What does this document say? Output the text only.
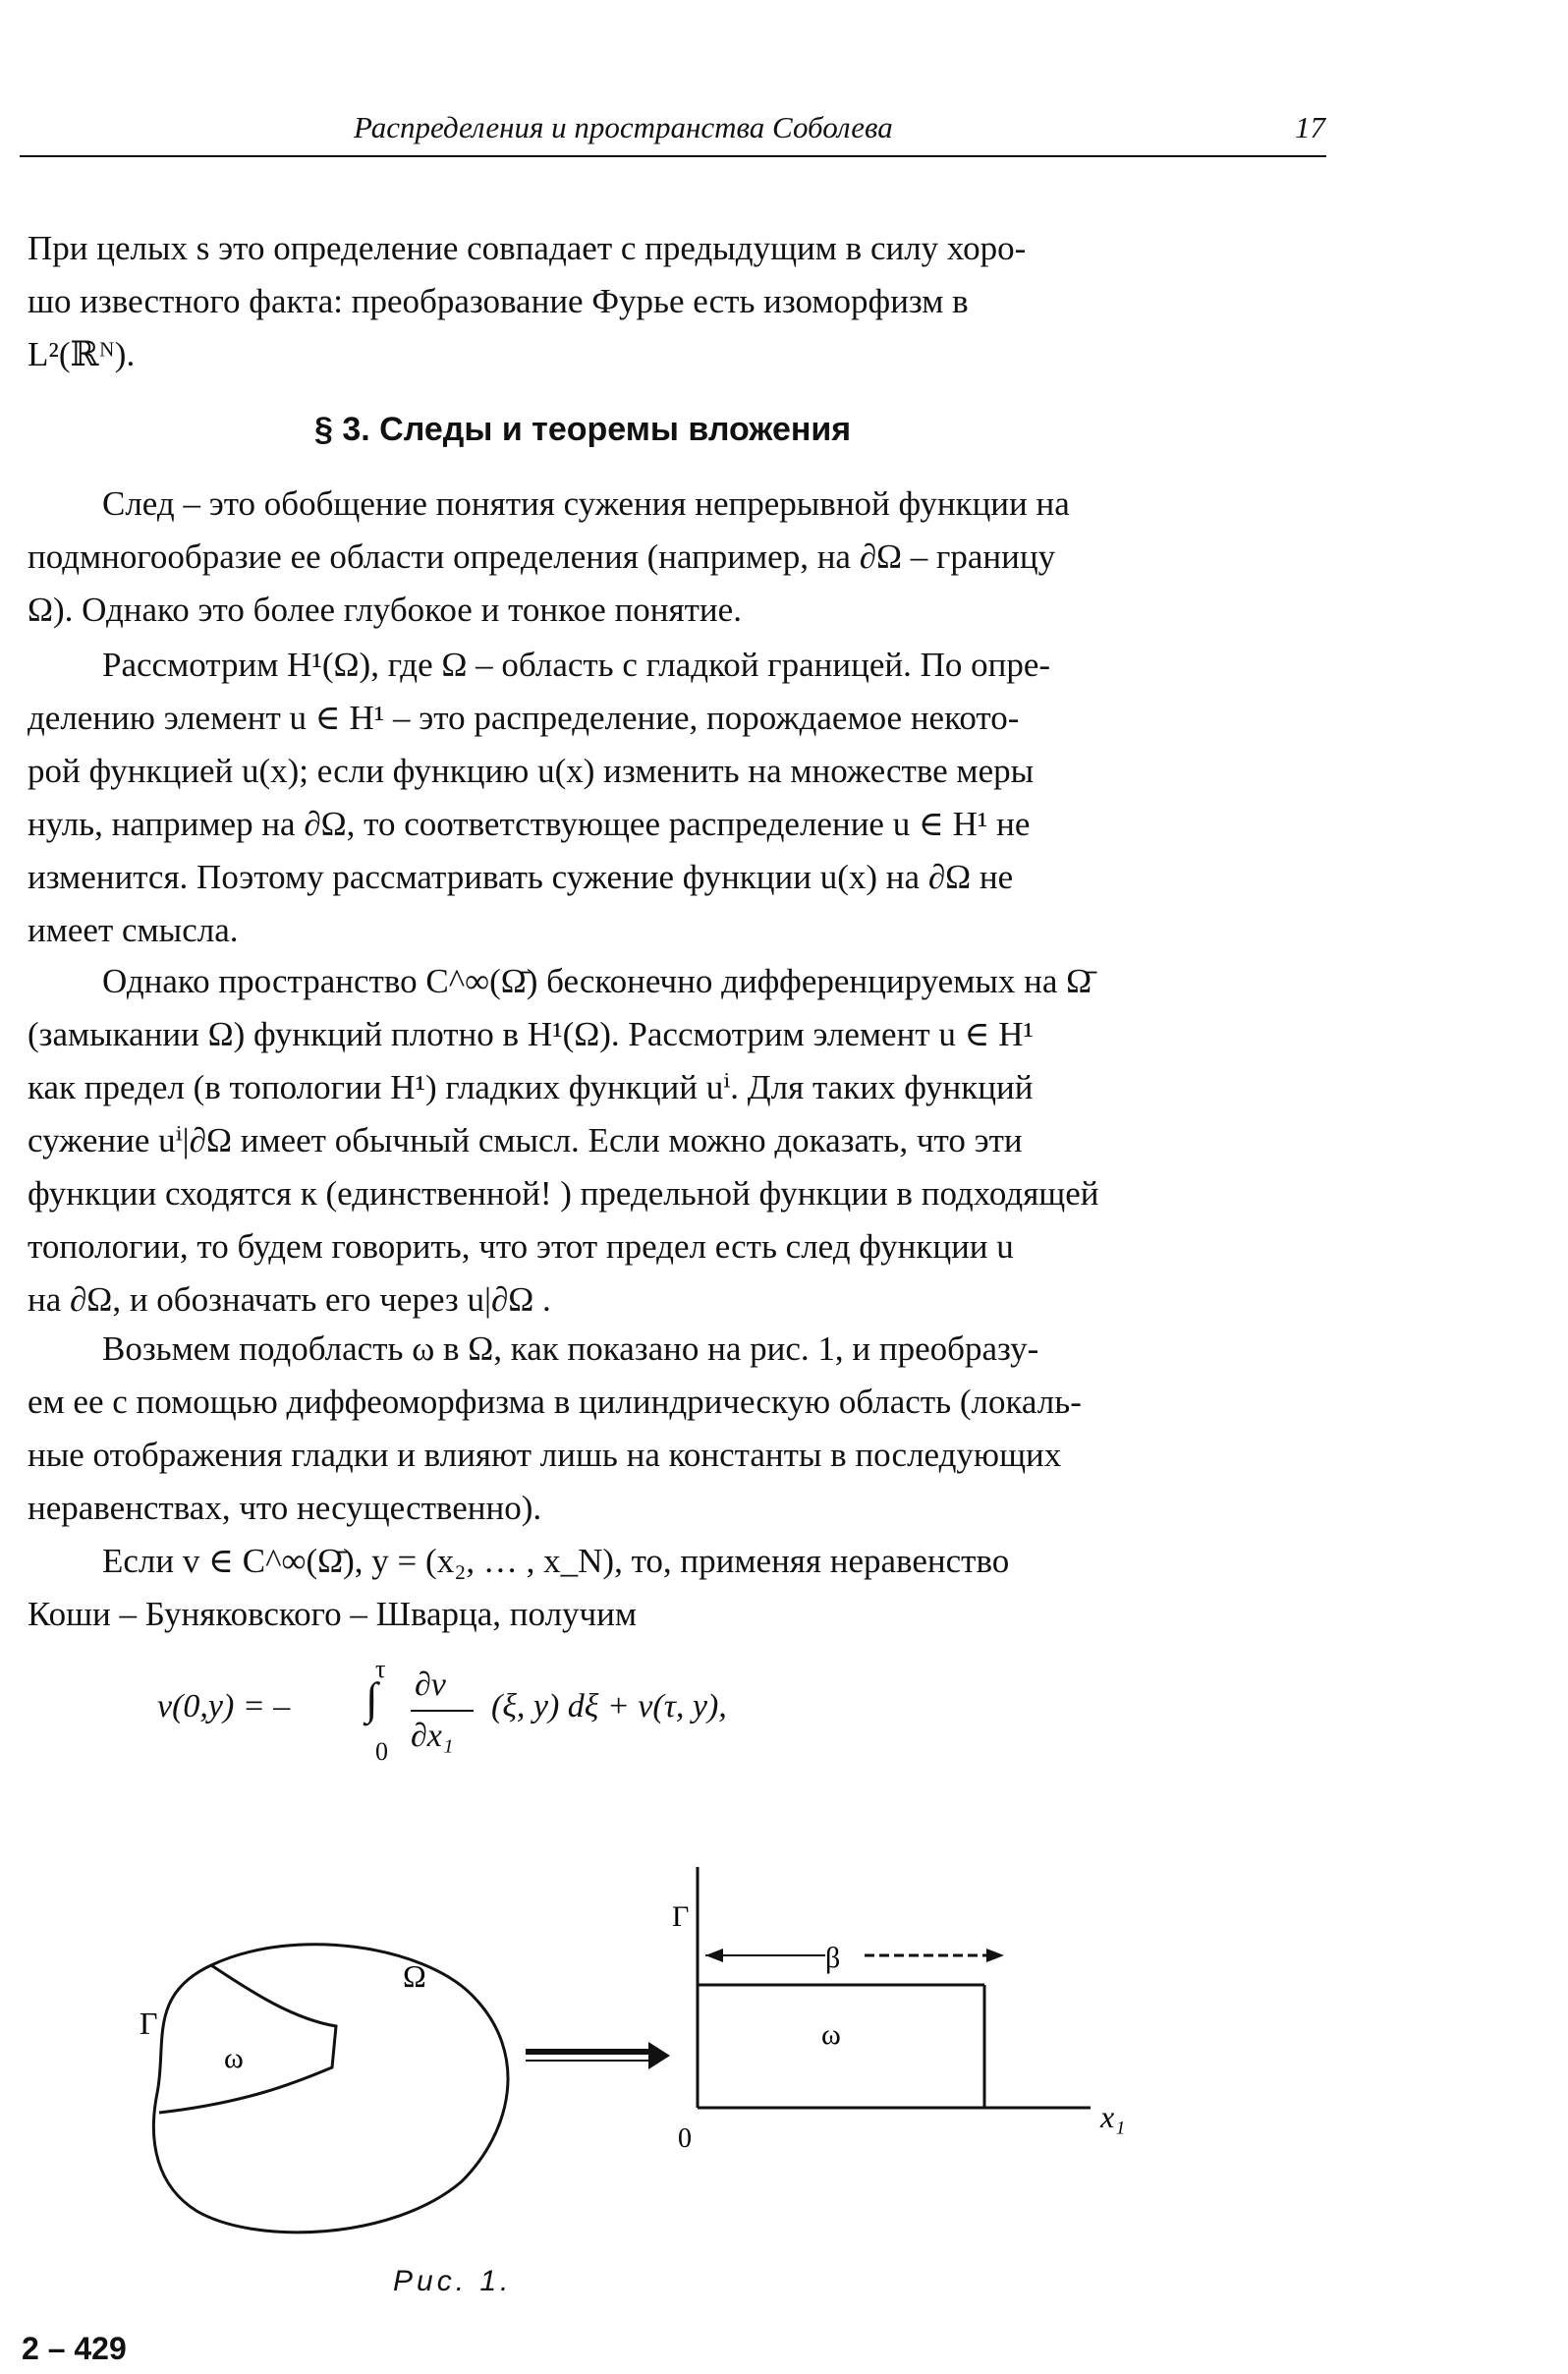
Распределения и пространства Соболева	17
При целых s это определение совпадает с предыдущим в силу хоро-
шо известного факта: преобразование Фурье есть изоморфизм в
L²(ℝᴺ).
§ 3. Следы и теоремы вложения
След – это обобщение понятия сужения непрерывной функции на
подмногообразие ее области определения (например, на ∂Ω – границу
Ω). Однако это более глубокое и тонкое понятие.
Рассмотрим H¹(Ω), где Ω – область с гладкой границей. По опре-
делению элемент u ∈ H¹ – это распределение, порождаемое некото-
рой функцией u(x); если функцию u(x) изменить на множестве меры
нуль, например на ∂Ω, то соответствующее распределение u ∈ H¹ не
изменится. Поэтому рассматривать сужение функции u(x) на ∂Ω не
имеет смысла.
Однако пространство C^∞(Ω̄) бесконечно дифференцируемых на Ω̄
(замыкании Ω) функций плотно в H¹(Ω). Рассмотрим элемент u ∈ H¹
как предел (в топологии H¹) гладких функций uⁱ. Для таких функций
сужение uⁱ|∂Ω имеет обычный смысл. Если можно доказать, что эти
функции сходятся к (единственной! ) предельной функции в подходящей
топологии, то будем говорить, что этот предел есть след функции u
на ∂Ω, и обозначать его через u|∂Ω .
Возьмем подобласть ω в Ω, как показано на рис. 1, и преобразу-
ем ее с помощью диффеоморфизма в цилиндрическую область (локаль-
ные отображения гладки и влияют лишь на константы в последующих
неравенствах, что несущественно).
Если v ∈ C^∞(Ω̄), y = (x₂, … , x_N), то, применяя неравенство
Коши – Буняковского – Шварца, получим
v(0,y) = –
τ
∫
0
∂v
∂x₁
(ξ, y) dξ + v(τ, y),
Γ
Ω
ω
Γ
β
ω
0
x₁
Рис. 1.
2 – 429
